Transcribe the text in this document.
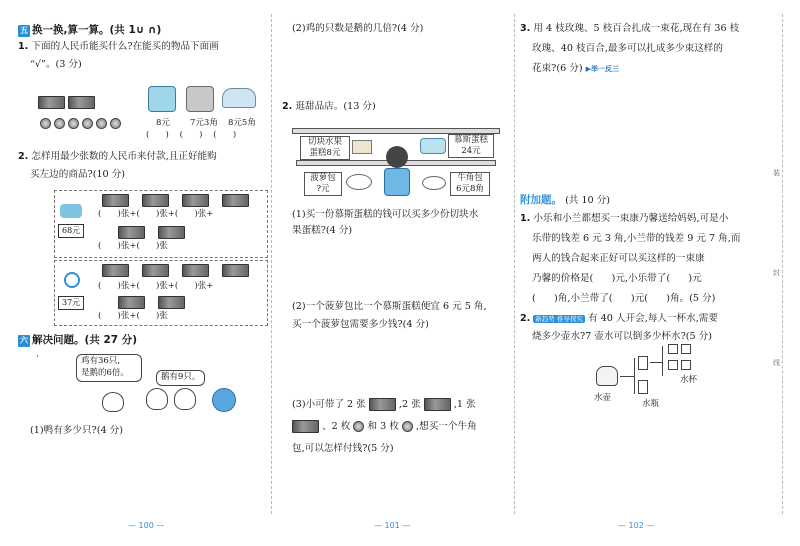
五 换一换,算一算。(共 1∪ ∩)
1. 下面的人民币能买什么?在能买的物品下面画
“√”。(3 分)

8元 7元3角 8元5角
(      )    (      )    (      )
2. 怎样用最少张数的人民币来付款,且正好能购
买左边的商品?(10 分)
68元

(      )张+(      )张+(      )张+

(      )张+(      )张
37元

(      )张+(      )张+(      )张+

(      )张+(      )张
六 解决问题。(共 27 分)
·	鸡有36只,
是鹅的6倍。	鹅有9只。
(1)鸭有多少只?(4 分)
— 100 —
(2)鸡的只数是鹅的几倍?(4 分)
2. 逛甜品店。(13 分)
切块水果
蛋糕8元
慕斯蛋糕
24元
菠萝包
?元
牛角包
6元8角
(1)买一份慕斯蛋糕的钱可以买多少份切块水
果蛋糕?(4 分)
(2)一个菠萝包比一个慕斯蛋糕便宜 6 元 5 角,
买一个菠萝包需要多少钱?(4 分)
(3)小可带了 2 张	,2 张	,1 张
、2 枚 和 3 枚 ,想买一个牛角
包,可以怎样付钱?(5 分)
— 101 —
3. 用 4 枝玫瑰、5 枝百合扎成一束花,现在有 36 枝
玫瑰、40 枝百合,最多可以扎成多少束这样的
花束?(6 分) ▶举一反三
附加题。 (共 10 分)
1. 小乐和小兰都想买一束康乃馨送给妈妈,可是小
乐带的钱差 6 元 3 角,小兰带的钱差 9 元 7 角,而
两人的钱合起来正好可以买这样的一束康
乃馨的价格是(      )元,小乐带了(      )元
(      )角,小兰带了(      )元(      )角。(5 分)
2. 新趋势 推导探究 有 40 人开会,每人一杯水,需要
烧多少壶水?7 壶水可以倒多少杯水?(5 分)

水壶
水瓶
水杯
— 102 —
装
封
线
